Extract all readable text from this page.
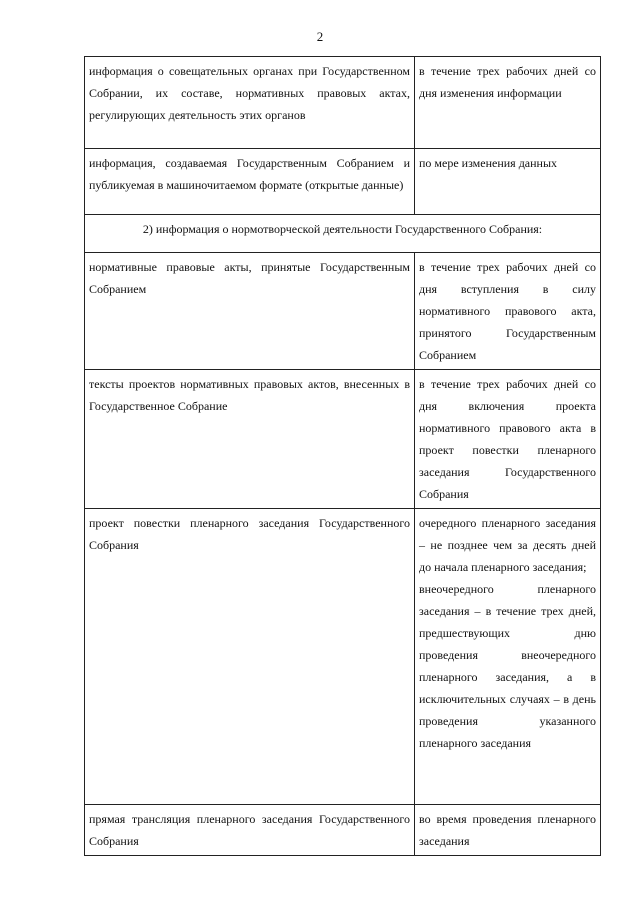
2
информация о совещательных органах при Государственном Собрании, их составе, нормативных правовых актах, регулирующих деятельность этих органов	в течение трех рабочих дней со дня изменения информации

информация, создаваемая Государственным Собранием и публикуемая в машиночитаемом формате (открытые данные)	по мере изменения данных

2) информация о нормотворческой деятельности Государственного Собрания:	

нормативные правовые акты, принятые Государственным Собранием	в течение трех рабочих дней со дня вступления в силу нормативного правового акта, принятого Государственным Собранием

тексты проектов нормативных правовых актов, внесенных в Государственное Собрание	в течение трех рабочих дней со дня включения проекта нормативного правового акта в проект повестки пленарного заседания Государственного Собрания

проект повестки пленарного заседания Государственного Собрания	очередного пленарного заседания – не позднее чем за десять дней до начала пленарного заседания;
внеочередного пленарного заседания – в течение трех дней, предшествующих дню проведения внеочередного пленарного заседания, а в исключительных случаях – в день проведения указанного пленарного заседания

прямая трансляция пленарного заседания Государственного Собрания	во время проведения пленарного заседания
